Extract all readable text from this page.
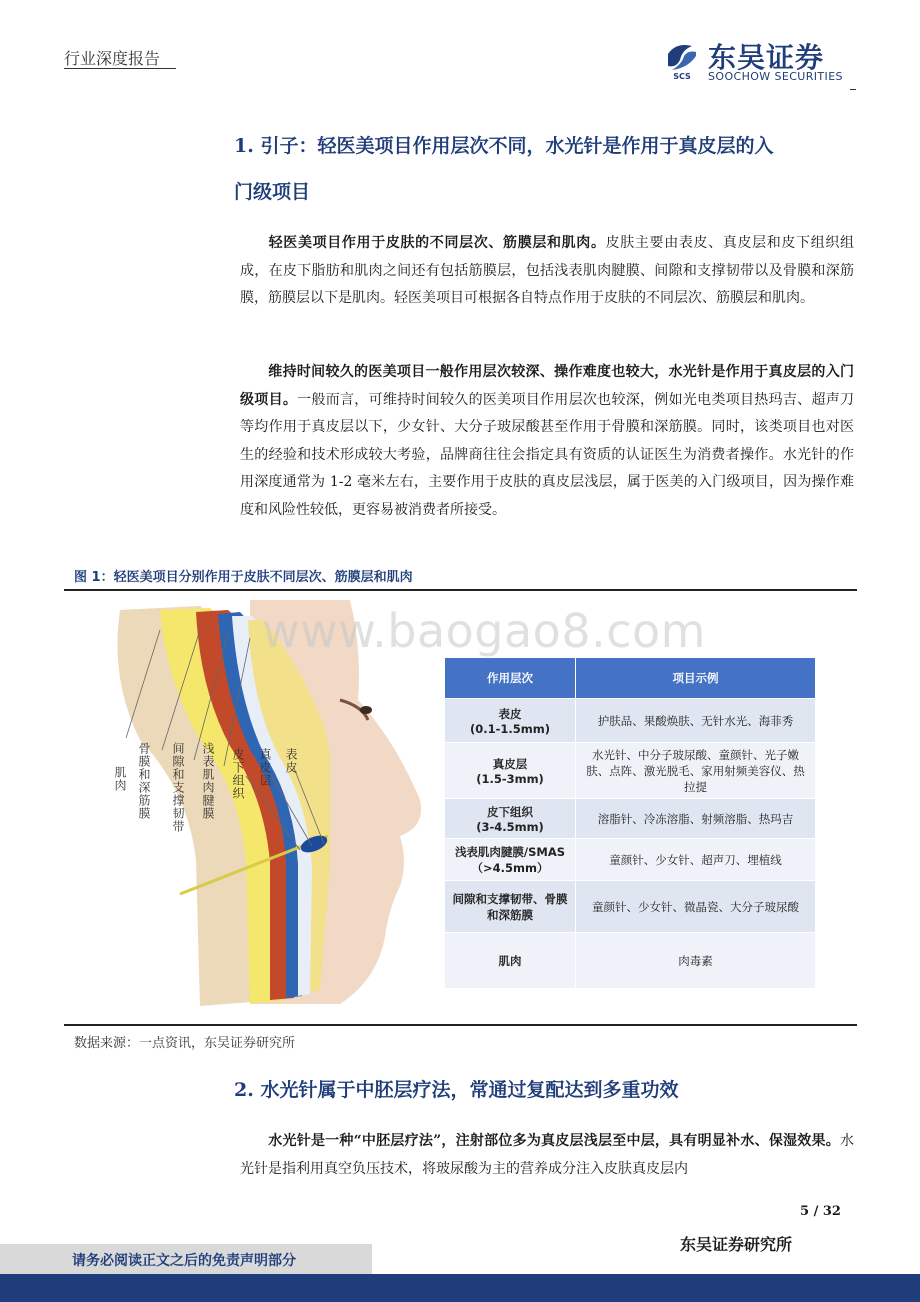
行业深度报告
SCS
东吴证券
SOOCHOW SECURITIES
1. 引子：轻医美项目作用层次不同，水光针是作用于真皮层的入
门级项目
轻医美项目作用于皮肤的不同层次、筋膜层和肌肉。皮肤主要由表皮、真皮层和皮下组织组成，在皮下脂肪和肌肉之间还有包括筋膜层，包括浅表肌肉腱膜、间隙和支撑韧带以及骨膜和深筋膜，筋膜层以下是肌肉。轻医美项目可根据各自特点作用于皮肤的不同层次、筋膜层和肌肉。
维持时间较久的医美项目一般作用层次较深、操作难度也较大，水光针是作用于真皮层的入门级项目。一般而言，可维持时间较久的医美项目作用层次也较深，例如光电类项目热玛吉、超声刀等均作用于真皮层以下，少女针、大分子玻尿酸甚至作用于骨膜和深筋膜。同时，该类项目也对医生的经验和技术形成较大考验，品牌商往往会指定具有资质的认证医生为消费者操作。水光针的作用深度通常为 1-2 毫米左右，主要作用于皮肤的真皮层浅层，属于医美的入门级项目，因为操作难度和风险性较低，更容易被消费者所接受。
图 1：轻医美项目分别作用于皮肤不同层次、筋膜层和肌肉
肌肉 骨膜和深筋膜 间隙和支撑韧带 浅表肌肉腱膜 皮下组织 真皮层 表皮
www.baogao8.com
作用层次	项目示例

表皮
(0.1-1.5mm)	护肤品、果酸焕肤、无针水光、海菲秀

真皮层
(1.5-3mm)	水光针、中分子玻尿酸、童颜针、光子嫩肤、点阵、激光脱毛、家用射频美容仪、热拉提

皮下组织
(3-4.5mm)	溶脂针、冷冻溶脂、射频溶脂、热玛吉

浅表肌肉腱膜/SMAS
（>4.5mm）	童颜针、少女针、超声刀、埋植线
间隙和支撑韧带、骨膜和深筋膜	童颜针、少女针、微晶瓷、大分子玻尿酸
肌肉	肉毒素
数据来源：一点资讯，东吴证券研究所
2. 水光针属于中胚层疗法，常通过复配达到多重功效
水光针是一种“中胚层疗法”，注射部位多为真皮层浅层至中层，具有明显补水、保湿效果。水光针是指利用真空负压技术，将玻尿酸为主的营养成分注入皮肤真皮层内
5 / 32
东吴证券研究所
请务必阅读正文之后的免责声明部分
